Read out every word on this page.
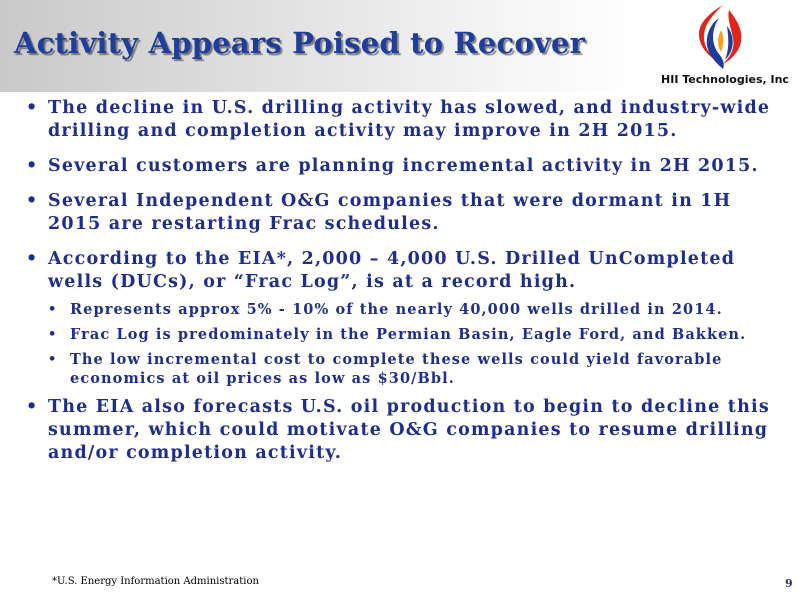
Activity Appears Poised to Recover
HII Technologies, Inc
• The decline in U.S. drilling activity has slowed, and industry-wide drilling and completion activity may improve in 2H 2015.
• Several customers are planning incremental activity in 2H 2015.
• Several Independent O&G companies that were dormant in 1H 2015 are restarting Frac schedules.
• According to the EIA*, 2,000 – 4,000 U.S. Drilled UnCompleted wells (DUCs), or “Frac Log”, is at a record high.
• Represents approx 5% - 10% of the nearly 40,000 wells drilled in 2014.
• Frac Log is predominately in the Permian Basin, Eagle Ford, and Bakken.
• The low incremental cost to complete these wells could yield favorable economics at oil prices as low as $30/Bbl.
• The EIA also forecasts U.S. oil production to begin to decline this summer, which could motivate O&G companies to resume drilling and/or completion activity.
*U.S. Energy Information Administration	9
